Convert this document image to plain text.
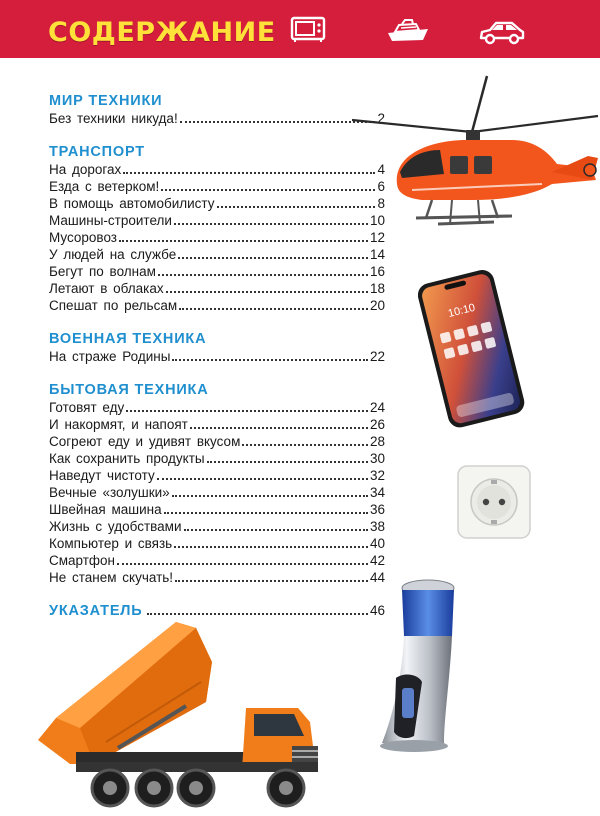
СОДЕРЖАНИЕ
МИР ТЕХНИКИ
Без техники никуда!	2
ТРАНСПОРТ
На дорогах	4
Езда с ветерком!	6
В помощь автомобилисту	8
Машины-строители	10
Мусоровоз	12
У людей на службе	14
Бегут по волнам	16
Летают в облаках	18
Спешат по рельсам	20
ВОЕННАЯ ТЕХНИКА
На страже Родины	22
БЫТОВАЯ ТЕХНИКА
Готовят еду	24
И накормят, и напоят	26
Согреют еду и удивят вкусом	28
Как сохранить продукты	30
Наведут чистоту	32
Вечные «золушки»	34
Швейная машина	36
Жизнь с удобствами	38
Компьютер и связь	40
Смартфон	42
Не станем скучать!	44
УКАЗАТЕЛЬ	46
10:10
